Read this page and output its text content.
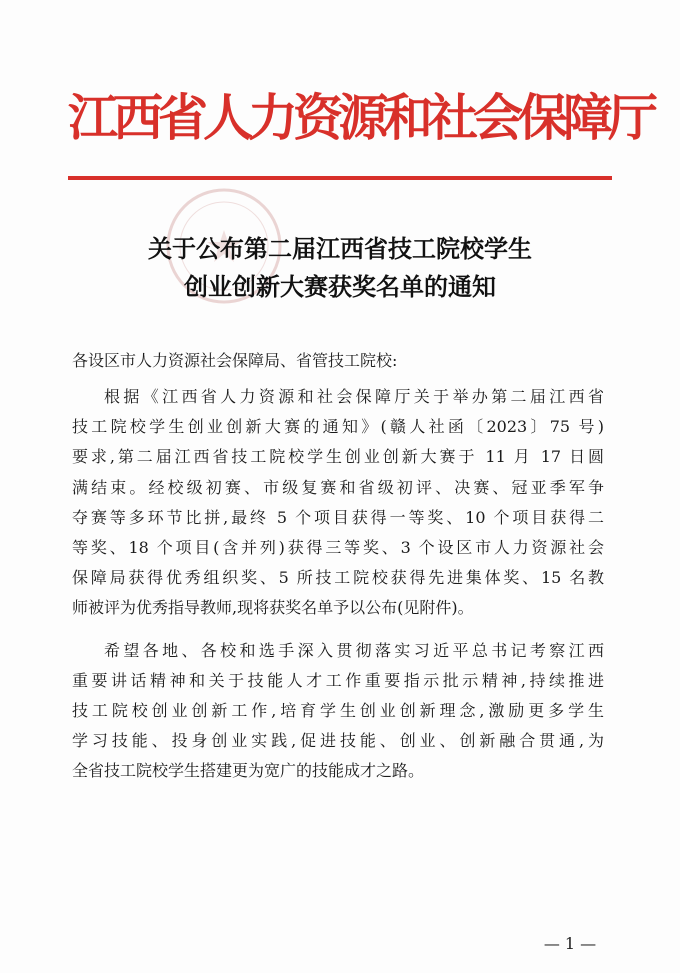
江西省人力资源和社会保障厅
关于公布第二届江西省技工院校学生
创业创新大赛获奖名单的通知
各设区市人力资源社会保障局、省管技工院校:
根据《江西省人力资源和社会保障厅关于举办第二届江西省
技工院校学生创业创新大赛的通知》(赣人社函〔2023〕75 号)
要求,第二届江西省技工院校学生创业创新大赛于 11 月 17 日圆
满结束。经校级初赛、市级复赛和省级初评、决赛、冠亚季军争
夺赛等多环节比拼,最终 5 个项目获得一等奖、10 个项目获得二
等奖、18 个项目(含并列)获得三等奖、3 个设区市人力资源社会
保障局获得优秀组织奖、5 所技工院校获得先进集体奖、15 名教
师被评为优秀指导教师,现将获奖名单予以公布(见附件)。
希望各地、各校和选手深入贯彻落实习近平总书记考察江西
重要讲话精神和关于技能人才工作重要指示批示精神,持续推进
技工院校创业创新工作,培育学生创业创新理念,激励更多学生
学习技能、投身创业实践,促进技能、创业、创新融合贯通,为
全省技工院校学生搭建更为宽广的技能成才之路。
— 1 —
